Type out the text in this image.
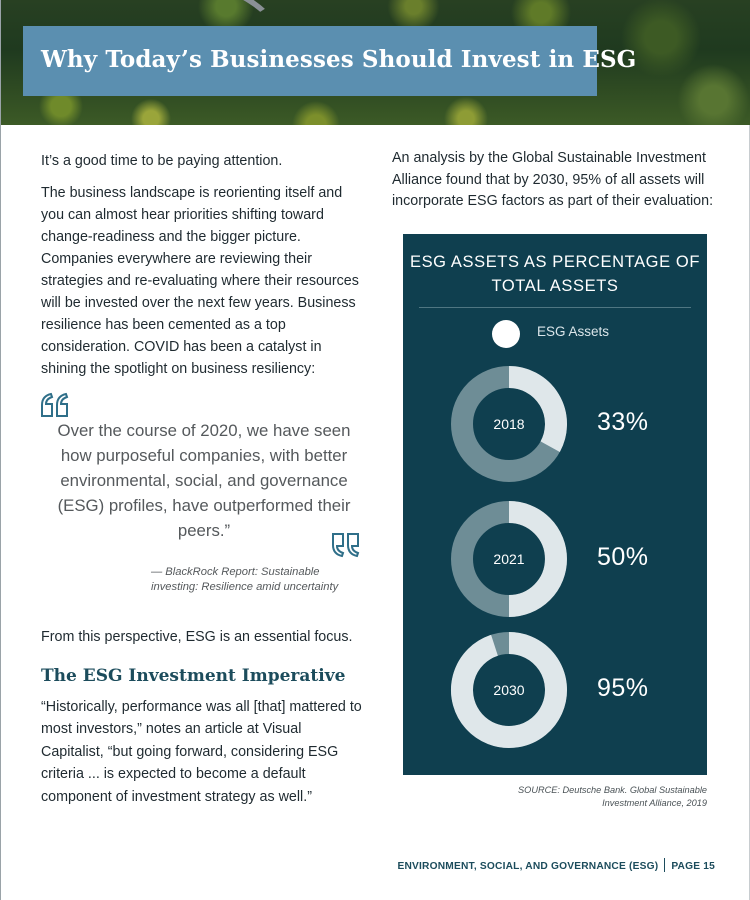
Why Today’s Businesses Should Invest in ESG

It’s a good time to be paying attention.

The business landscape is reorienting itself and you can almost hear priorities shifting toward change-readiness and the bigger picture. Companies everywhere are reviewing their strategies and re-evaluating where their resources will be invested over the next few years. Business resilience has been cemented as a top consideration. COVID has been a catalyst in shining the spotlight on business resiliency:

Over the course of 2020, we have seen how purposeful companies, with better environmental, social, and governance (ESG) profiles, have outperformed their peers.”
— BlackRock Report: Sustainable investing: Resilience amid uncertainty

From this perspective, ESG is an essential focus.

The ESG Investment Imperative

“Historically, performance was all [that] mattered to most investors,” notes an article at Visual Capitalist, “but going forward, considering ESG criteria ... is expected to become a default component of investment strategy as well.”

An analysis by the Global Sustainable Investment Alliance found that by 2030, 95% of all assets will incorporate ESG factors as part of their evaluation:

ESG ASSETS AS PERCENTAGE OF TOTAL ASSETS
ESG Assets
2018
2021
2030
33%
50%
95%
SOURCE: Deutsche Bank. Global Sustainable Investment Alliance, 2019
ENVIRONMENT, SOCIAL, AND GOVERNANCE (ESG) PAGE 15
